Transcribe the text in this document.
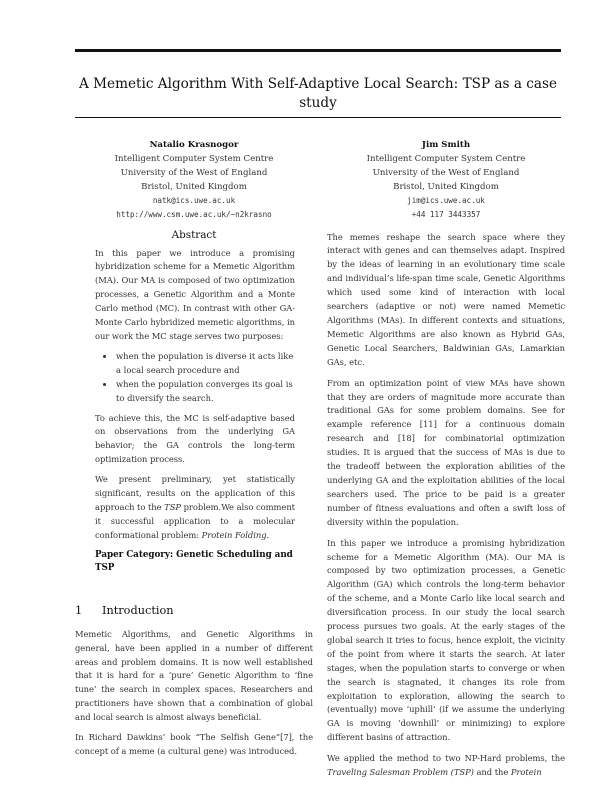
A Memetic Algorithm With Self-Adaptive Local Search: TSP as a case study
Natalio Krasnogor
Intelligent Computer System Centre
University of the West of England
Bristol, United Kingdom
natk@ics.uwe.ac.uk
http://www.csm.uwe.ac.uk/~n2krasno
Abstract

In this paper we introduce a promising hybridization scheme for a Memetic Algorithm (MA). Our MA is composed of two optimization processes, a Genetic Algorithm and a Monte Carlo method (MC). In contrast with other GA-Monte Carlo hybridized memetic algorithms, in our work the MC stage serves two purposes:

• when the population is diverse it acts like a local search procedure and
• when the population converges its goal is to diversify the search.

To achieve this, the MC is self-adaptive based on observations from the underlying GA behavior; the GA controls the long-term optimization process.

We present preliminary, yet statistically significant, results on the application of this approach to the TSP problem.We also comment it successful application to a molecular conformational problem: Protein Folding.

Paper Category: Genetic Scheduling and TSP

1 Introduction

Memetic Algorithms, and Genetic Algorithms in general, have been applied in a number of different areas and problem domains. It is now well established that it is hard for a ‘pure’ Genetic Algorithm to ‘fine tune’ the search in complex spaces. Researchers and practitioners have shown that a combination of global and local search is almost always beneficial.

In Richard Dawkins’ book “The Selfish Gene”[7], the concept of a meme (a cultural gene) was introduced.

Jim Smith
Intelligent Computer System Centre
University of the West of England
Bristol, United Kingdom
jim@ics.uwe.ac.uk
+44 117 3443357

The memes reshape the search space where they interact with genes and can themselves adapt. Inspired by the ideas of learning in an evolutionary time scale and individual’s life-span time scale, Genetic Algorithms which used some kind of interaction with local searchers (adaptive or not) were named Memetic Algorithms (MAs). In different contexts and situations, Memetic Algorithms are also known as Hybrid GAs, Genetic Local Searchers, Baldwinian GAs, Lamarkian GAs, etc.

From an optimization point of view MAs have shown that they are orders of magnitude more accurate than traditional GAs for some problem domains. See for example reference [11] for a continuous domain research and [18] for combinatorial optimization studies. It is argued that the success of MAs is due to the tradeoff between the exploration abilities of the underlying GA and the exploitation abilities of the local searchers used. The price to be paid is a greater number of fitness evaluations and often a swift loss of diversity within the population.

In this paper we introduce a promising hybridization scheme for a Memetic Algorithm (MA). Our MA is composed by two optimization processes, a Genetic Algorithm (GA) which controls the long-term behavior of the scheme, and a Monte Carlo like local search and diversification process. In our study the local search process pursues two goals. At the early stages of the global search it tries to focus, hence exploit, the vicinity of the point from where it starts the search. At later stages, when the population starts to converge or when the search is stagnated, it changes its role from exploitation to exploration, allowing the search to (eventually) move ‘uphill’ (if we assume the underlying GA is moving ‘downhill’ or minimizing) to explore different basins of attraction.

We applied the method to two NP-Hard problems, the Traveling Salesman Problem (TSP) and the Protein
